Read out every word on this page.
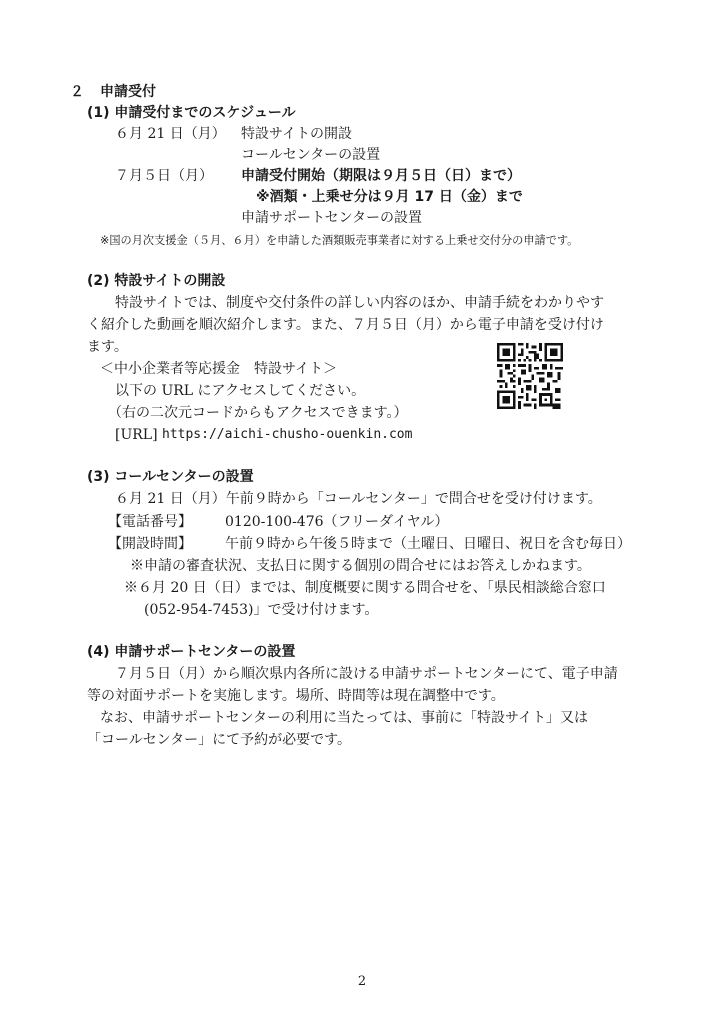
２ 申請受付
(1) 申請受付までのスケジュール
６月 21 日（月） 特設サイトの開設
コールセンターの設置
７月５日（月） 申請受付開始（期限は９月５日（日）まで）
※酒類・上乗せ分は９月 17 日（金）まで
申請サポートセンターの設置
※国の月次支援金（５月、６月）を申請した酒類販売事業者に対する上乗せ交付分の申請です。
(2) 特設サイトの開設
特設サイトでは、制度や交付条件の詳しい内容のほか、申請手続をわかりやす
く紹介した動画を順次紹介します。また、７月５日（月）から電子申請を受け付け
ます。
＜中小企業者等応援金　特設サイト＞
以下の URL にアクセスしてください。
（右の二次元コードからもアクセスできます。）
[URL] https://aichi-chusho-ouenkin.com
(3) コールセンターの設置
６月 21 日（月）午前９時から「コールセンター」で問合せを受け付けます。
【電話番号】 0120-100-476（フリーダイヤル）
【開設時間】 午前９時から午後５時まで（土曜日、日曜日、祝日を含む毎日）
※申請の審査状況、支払日に関する個別の問合せにはお答えしかねます。
※６月 20 日（日）までは、制度概要に関する問合せを、「県民相談総合窓口
(052-954-7453)」で受け付けます。
(4) 申請サポートセンターの設置
７月５日（月）から順次県内各所に設ける申請サポートセンターにて、電子申請
等の対面サポートを実施します。場所、時間等は現在調整中です。
なお、申請サポートセンターの利用に当たっては、事前に「特設サイト」又は
「コールセンター」にて予約が必要です。
2
